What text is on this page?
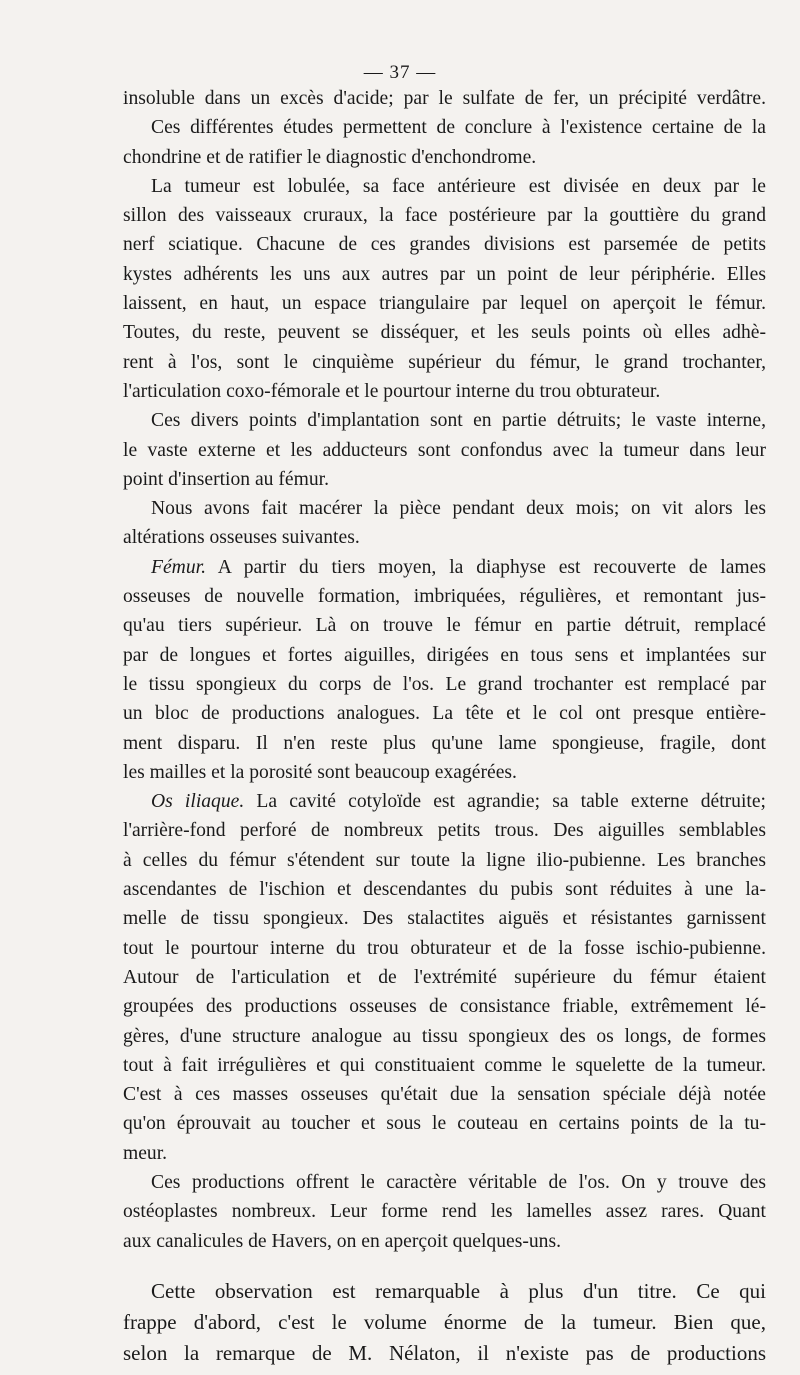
— 37 —
insoluble dans un excès d'acide; par le sulfate de fer, un précipité verdâtre.
Ces différentes études permettent de conclure à l'existence certaine de la
chondrine et de ratifier le diagnostic d'enchondrome.
La tumeur est lobulée, sa face antérieure est divisée en deux par le
sillon des vaisseaux cruraux, la face postérieure par la gouttière du grand
nerf sciatique. Chacune de ces grandes divisions est parsemée de petits
kystes adhérents les uns aux autres par un point de leur périphérie. Elles
laissent, en haut, un espace triangulaire par lequel on aperçoit le fémur.
Toutes, du reste, peuvent se disséquer, et les seuls points où elles adhè-
rent à l'os, sont le cinquième supérieur du fémur, le grand trochanter,
l'articulation coxo-fémorale et le pourtour interne du trou obturateur.
Ces divers points d'implantation sont en partie détruits; le vaste interne,
le vaste externe et les adducteurs sont confondus avec la tumeur dans leur
point d'insertion au fémur.
Nous avons fait macérer la pièce pendant deux mois; on vit alors les
altérations osseuses suivantes.
Fémur. A partir du tiers moyen, la diaphyse est recouverte de lames
osseuses de nouvelle formation, imbriquées, régulières, et remontant jus-
qu'au tiers supérieur. Là on trouve le fémur en partie détruit, remplacé
par de longues et fortes aiguilles, dirigées en tous sens et implantées sur
le tissu spongieux du corps de l'os. Le grand trochanter est remplacé par
un bloc de productions analogues. La tête et le col ont presque entière-
ment disparu. Il n'en reste plus qu'une lame spongieuse, fragile, dont
les mailles et la porosité sont beaucoup exagérées.
Os iliaque. La cavité cotyloïde est agrandie; sa table externe détruite;
l'arrière-fond perforé de nombreux petits trous. Des aiguilles semblables
à celles du fémur s'étendent sur toute la ligne ilio-pubienne. Les branches
ascendantes de l'ischion et descendantes du pubis sont réduites à une la-
melle de tissu spongieux. Des stalactites aiguës et résistantes garnissent
tout le pourtour interne du trou obturateur et de la fosse ischio-pubienne.
Autour de l'articulation et de l'extrémité supérieure du fémur étaient
groupées des productions osseuses de consistance friable, extrêmement lé-
gères, d'une structure analogue au tissu spongieux des os longs, de formes
tout à fait irrégulières et qui constituaient comme le squelette de la tumeur.
C'est à ces masses osseuses qu'était due la sensation spéciale déjà notée
qu'on éprouvait au toucher et sous le couteau en certains points de la tu-
meur.
Ces productions offrent le caractère véritable de l'os. On y trouve des
ostéoplastes nombreux. Leur forme rend les lamelles assez rares. Quant
aux canalicules de Havers, on en aperçoit quelques-uns.
Cette observation est remarquable à plus d'un titre. Ce qui
frappe d'abord, c'est le volume énorme de la tumeur. Bien que,
selon la remarque de M. Nélaton, il n'existe pas de productions
